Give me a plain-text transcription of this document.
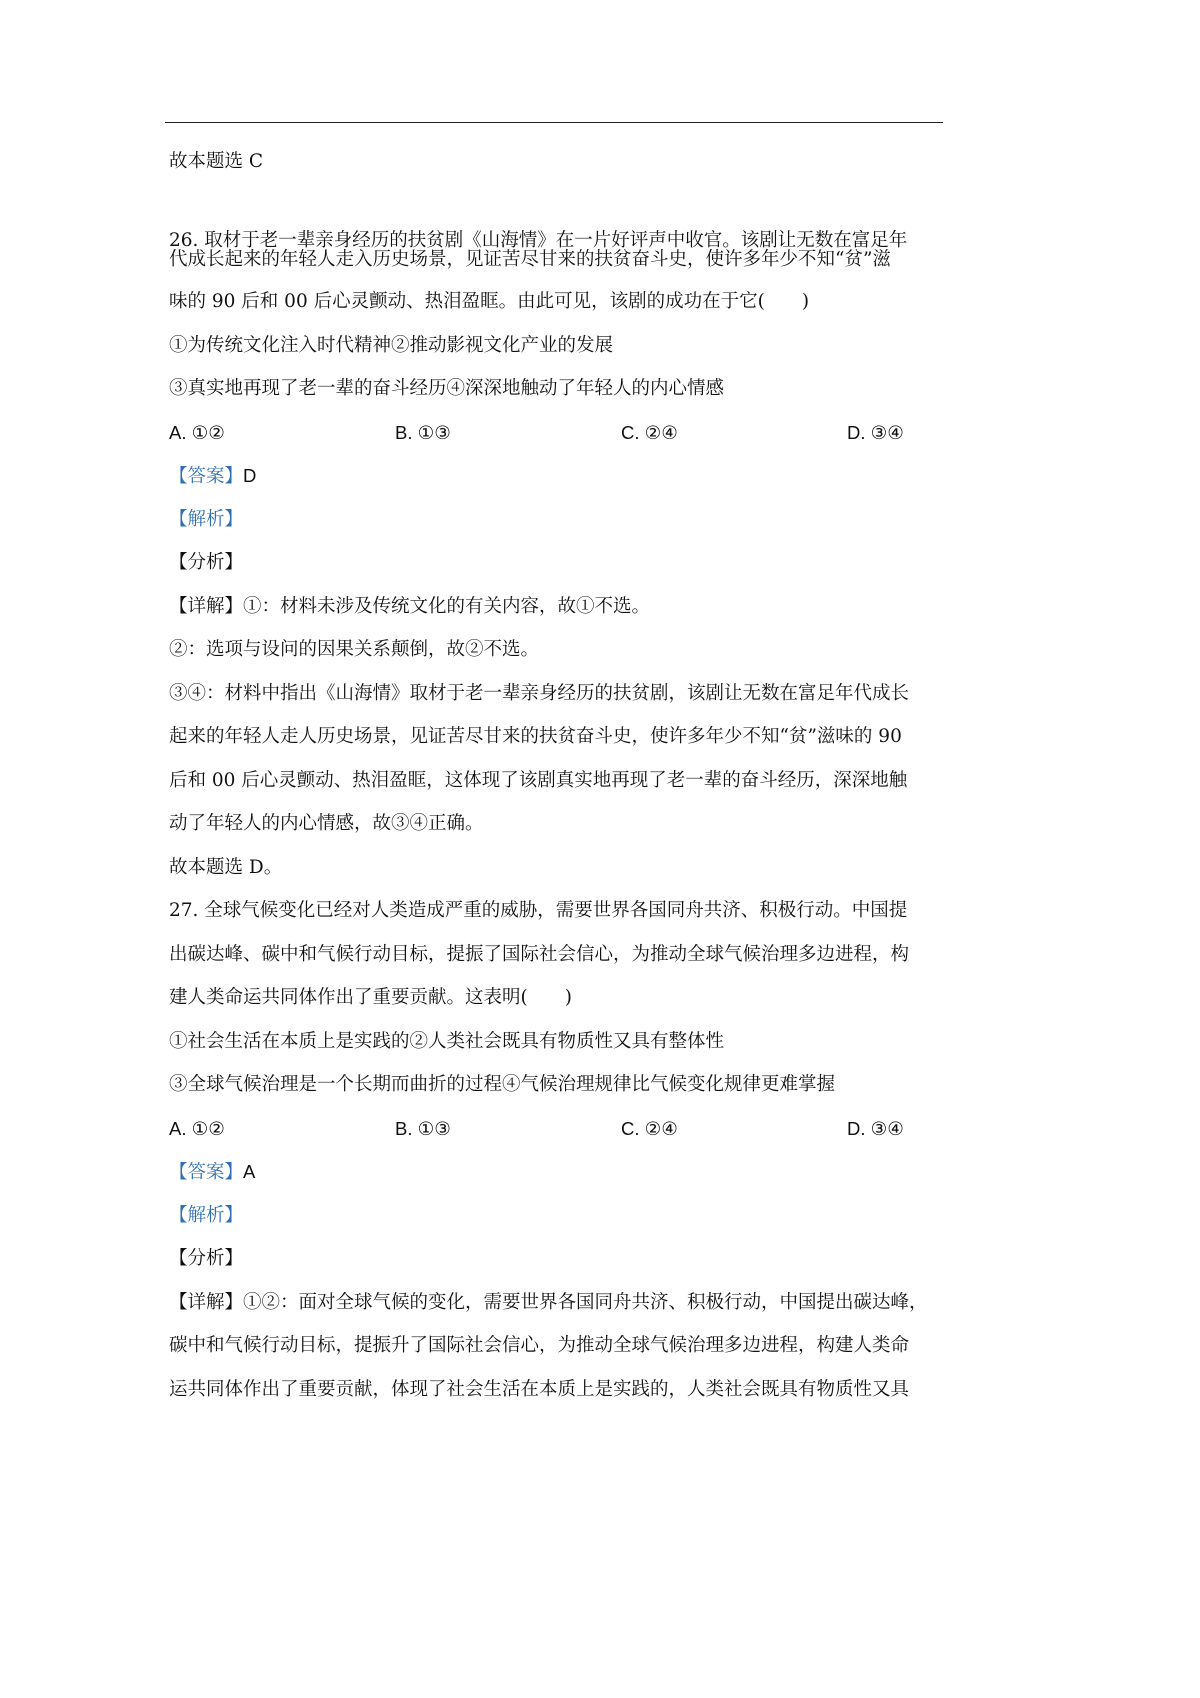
故本题选 C
26. 取材于老一辈亲身经历的扶贫剧《山海情》在一片好评声中收官。该剧让无数在富足年
代成长起来的年轻人走入历史场景，见证苦尽甘来的扶贫奋斗史，使许多年少不知“贫”滋
味的 90 后和 00 后心灵颤动、热泪盈眶。由此可见，该剧的成功在于它(　　)
①为传统文化注入时代精神②推动影视文化产业的发展
③真实地再现了老一辈的奋斗经历④深深地触动了年轻人的内心情感
A. ①②	B. ①③	C. ②④	D. ③④
【答案】D
【解析】
【分析】
【详解】①：材料未涉及传统文化的有关内容，故①不选。
②：选项与设问的因果关系颠倒，故②不选。
③④：材料中指出《山海情》取材于老一辈亲身经历的扶贫剧，该剧让无数在富足年代成长
起来的年轻人走人历史场景，见证苦尽甘来的扶贫奋斗史，使许多年少不知“贫”滋味的 90
后和 00 后心灵颤动、热泪盈眶，这体现了该剧真实地再现了老一辈的奋斗经历，深深地触
动了年轻人的内心情感，故③④正确。
故本题选 D。
27. 全球气候变化已经对人类造成严重的威胁，需要世界各国同舟共济、积极行动。中国提
出碳达峰、碳中和气候行动目标，提振了国际社会信心，为推动全球气候治理多边进程，构
建人类命运共同体作出了重要贡献。这表明(　　)
①社会生活在本质上是实践的②人类社会既具有物质性又具有整体性
③全球气候治理是一个长期而曲折的过程④气候治理规律比气候变化规律更难掌握
A. ①②	B. ①③	C. ②④	D. ③④
【答案】A
【解析】
【分析】
【详解】①②：面对全球气候的变化，需要世界各国同舟共济、积极行动，中国提出碳达峰，
碳中和气候行动目标，提振升了国际社会信心，为推动全球气候治理多边进程，构建人类命
运共同体作出了重要贡献，体现了社会生活在本质上是实践的，人类社会既具有物质性又具
